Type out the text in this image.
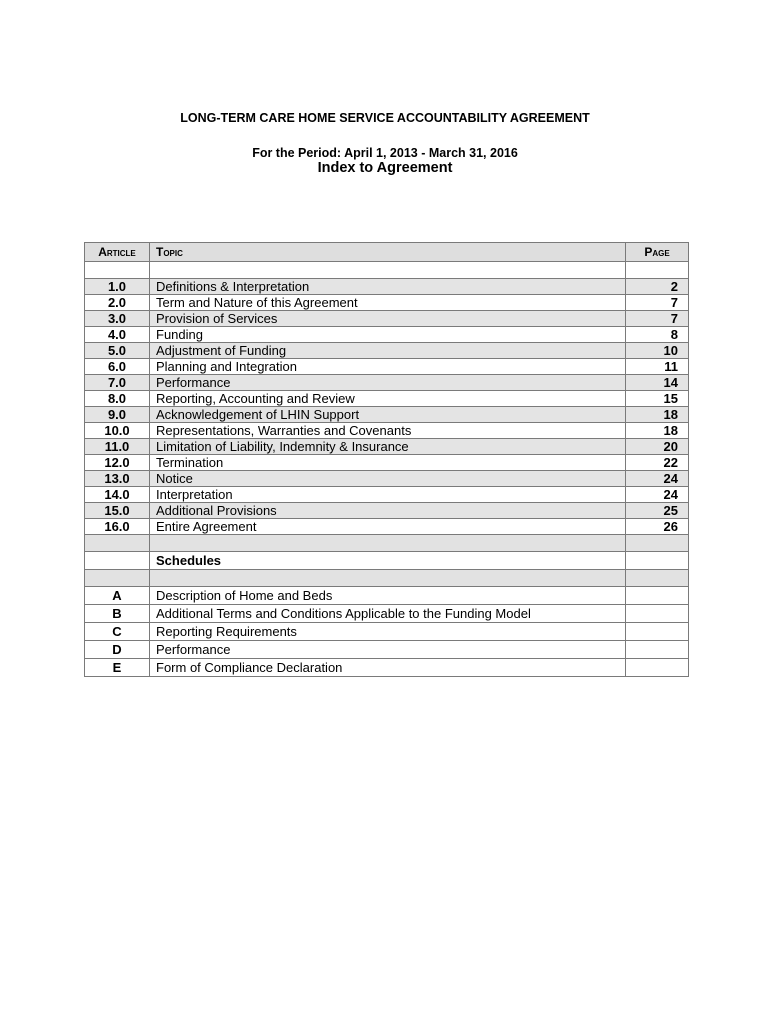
LONG-TERM CARE HOME SERVICE ACCOUNTABILITY AGREEMENT
For the Period: April 1, 2013 - March 31, 2016
Index to Agreement
Article	Topic	Page

1.0	Definitions & Interpretation	2
2.0	Term and Nature of this Agreement	7
3.0	Provision of Services	7
4.0	Funding	8
5.0	Adjustment of Funding	10
6.0	Planning and Integration	11
7.0	Performance	14
8.0	Reporting, Accounting and Review	15
9.0	Acknowledgement of LHIN Support	18
10.0	Representations, Warranties and Covenants	18
11.0	Limitation of Liability, Indemnity & Insurance	20
12.0	Termination	22
13.0	Notice	24
14.0	Interpretation	24
15.0	Additional Provisions	25
16.0	Entire Agreement	26

	Schedules	

A	Description of Home and Beds	
B	Additional Terms and Conditions Applicable to the Funding Model	
C	Reporting Requirements	
D	Performance	
E	Form of Compliance Declaration	
